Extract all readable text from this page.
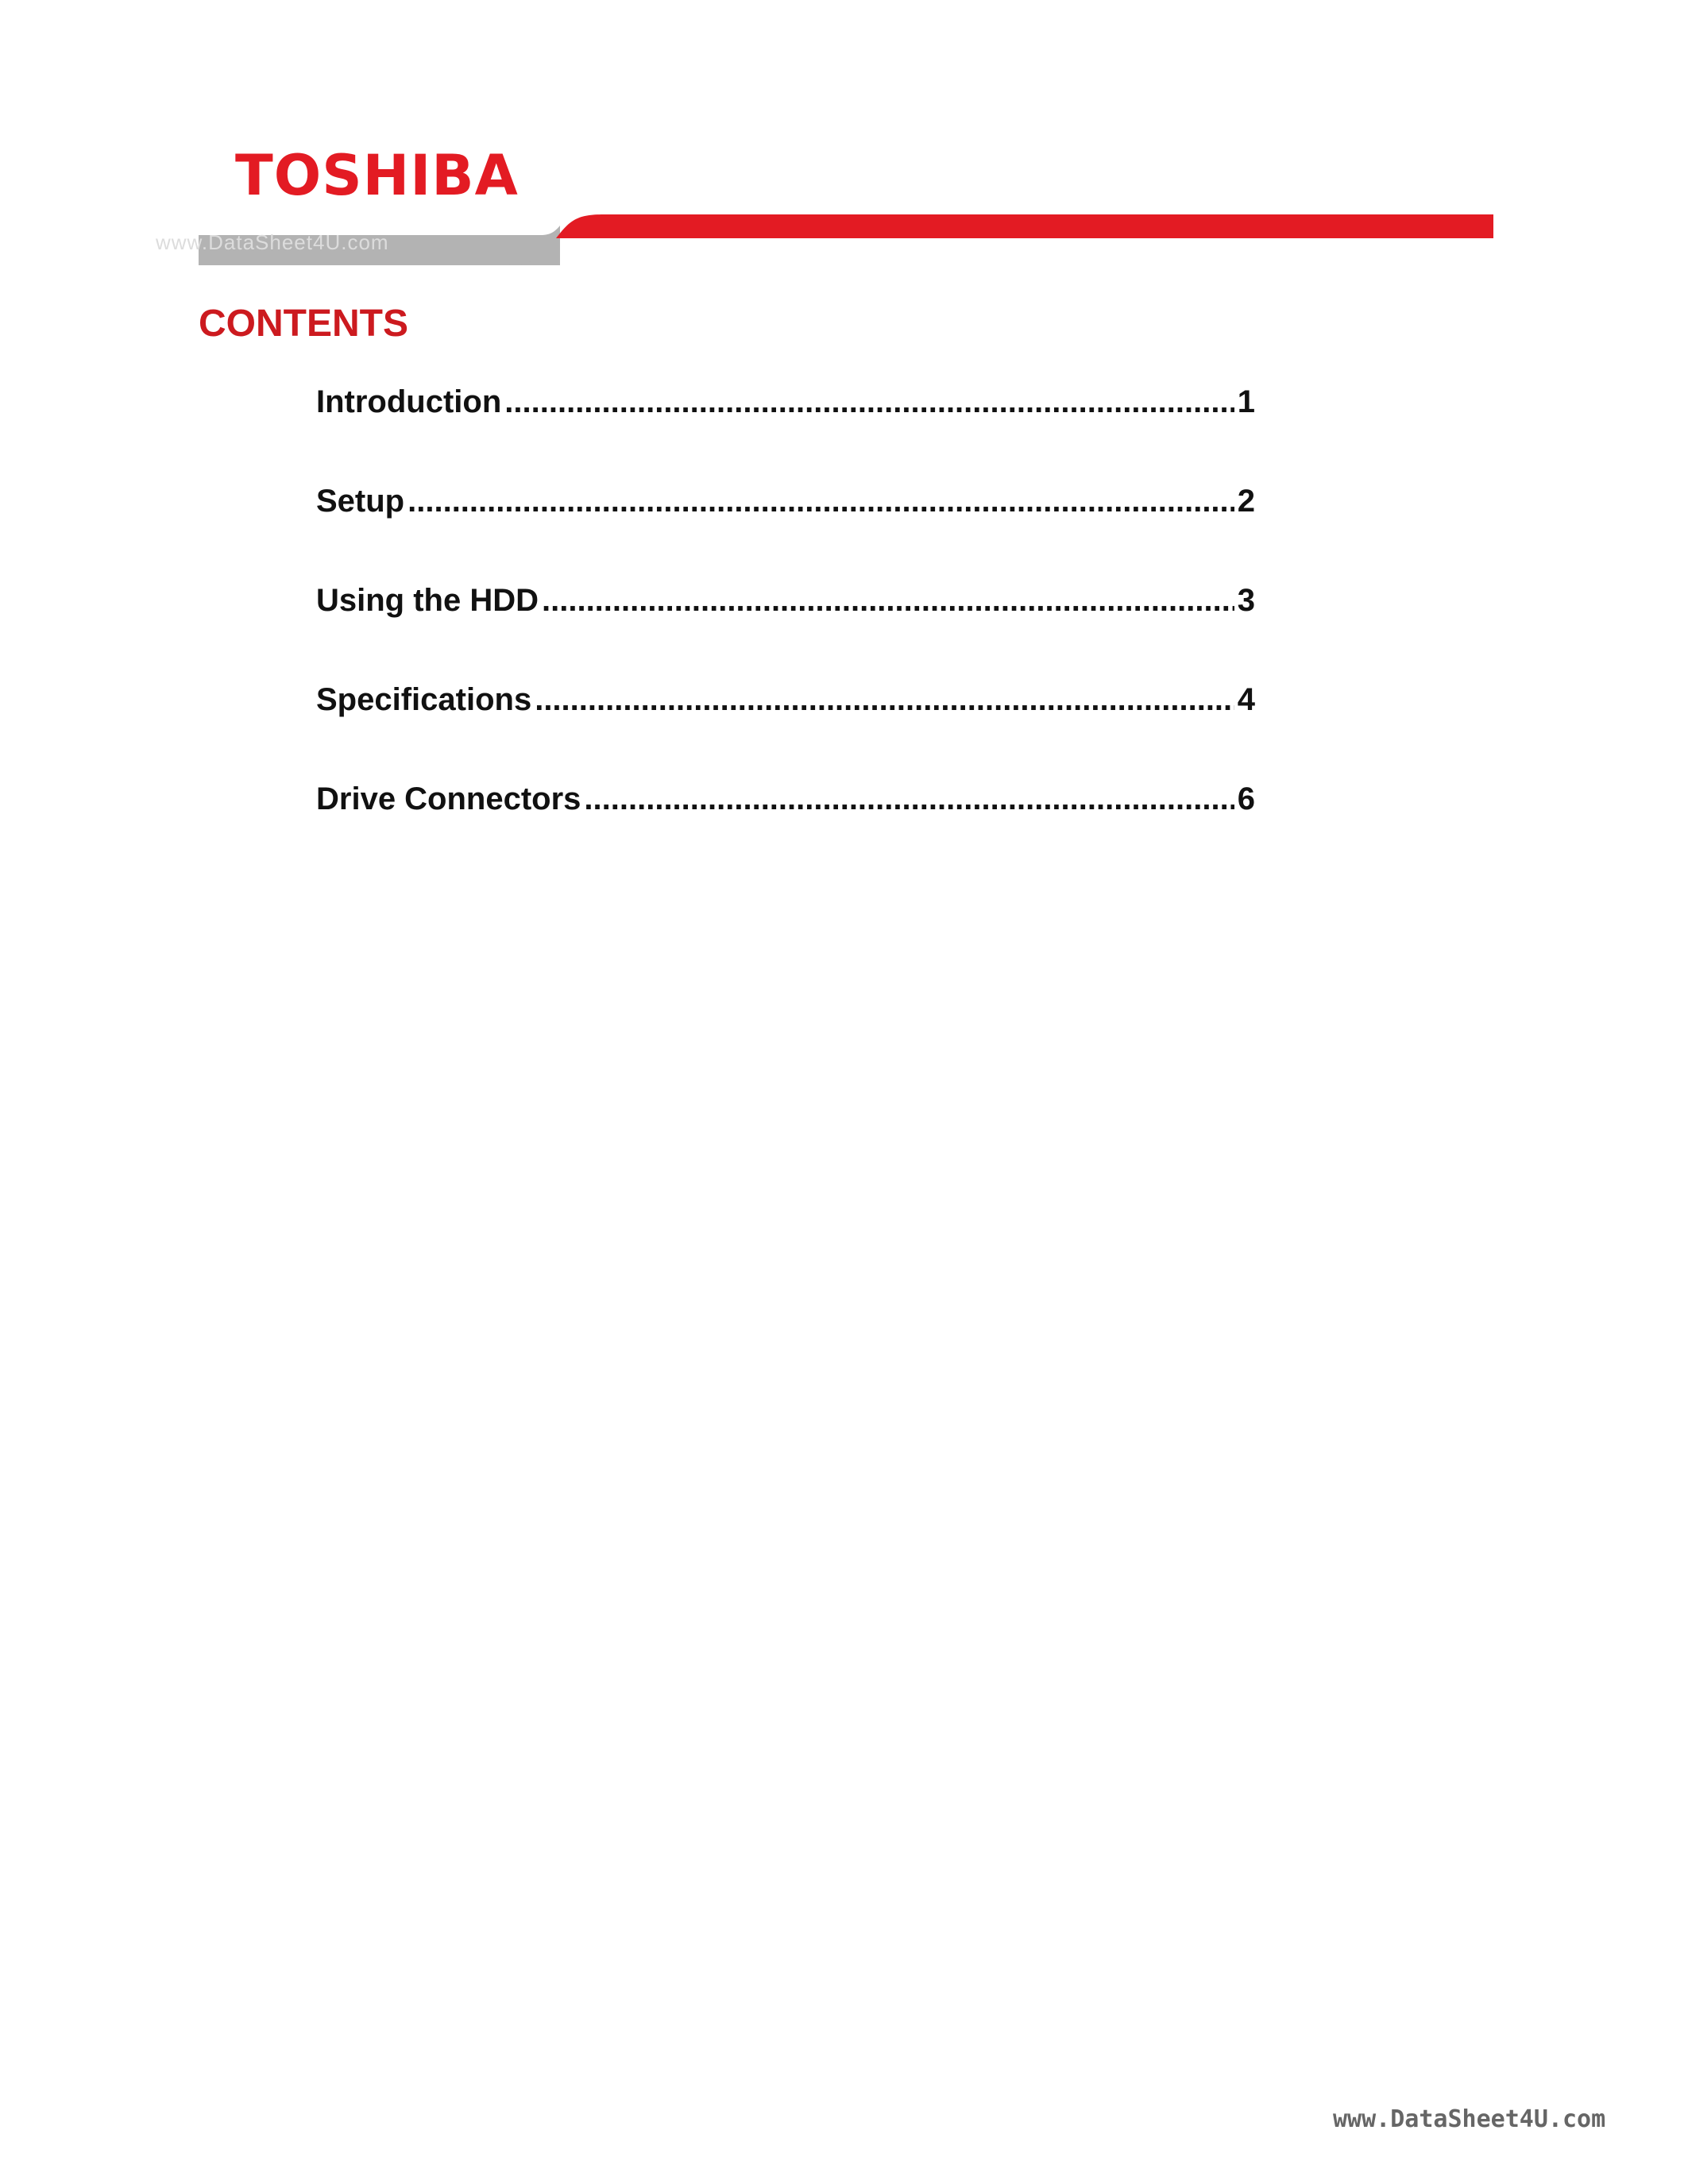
www.DataSheet4U.com
TOSHIBA
CONTENTS
Introduction .....	1
Setup .....	2
Using the HDD .....	3
Specifications .....	4
Drive Connectors .....	6
www.DataSheet4U.com
